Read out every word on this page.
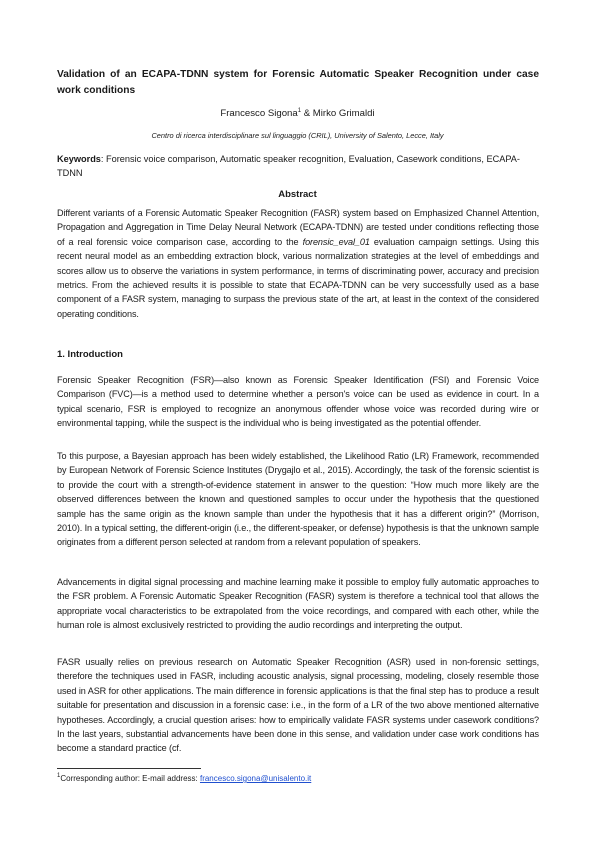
Validation of an ECAPA-TDNN system for Forensic Automatic Speaker Recognition under case work conditions
Francesco Sigona$^1$ & Mirko Grimaldi
Centro di ricerca interdisciplinare sul linguaggio (CRIL), University of Salento, Lecce, Italy
Keywords: Forensic voice comparison, Automatic speaker recognition, Evaluation, Casework conditions, ECAPA-TDNN
Abstract
Different variants of a Forensic Automatic Speaker Recognition (FASR) system based on Emphasized Channel Attention, Propagation and Aggregation in Time Delay Neural Network (ECAPA-TDNN) are tested under conditions reflecting those of a real forensic voice comparison case, according to the forensic_eval_01 evaluation campaign settings. Using this recent neural model as an embedding extraction block, various normalization strategies at the level of embeddings and scores allow us to observe the variations in system performance, in terms of discriminating power, accuracy and precision metrics. From the achieved results it is possible to state that ECAPA-TDNN can be very successfully used as a base component of a FASR system, managing to surpass the previous state of the art, at least in the context of the considered operating conditions.
1. Introduction

Forensic Speaker Recognition (FSR)—also known as Forensic Speaker Identification (FSI) and Forensic Voice Comparison (FVC)—is a method used to determine whether a person's voice can be used as evidence in court. In a typical scenario, FSR is employed to recognize an anonymous offender whose voice was recorded during wire or environmental tapping, while the suspect is the individual who is being investigated as the potential offender.

To this purpose, a Bayesian approach has been widely established, the Likelihood Ratio (LR) Framework, recommended by European Network of Forensic Science Institutes (Drygajlo et al., 2015). Accordingly, the task of the forensic scientist is to provide the court with a strength-of-evidence statement in answer to the question: “How much more likely are the observed differences between the known and questioned samples to occur under the hypothesis that the questioned sample has the same origin as the known sample than under the hypothesis that it has a different origin?” (Morrison, 2010). In a typical setting, the different-origin (i.e., the different-speaker, or defense) hypothesis is that the unknown sample originates from a different person selected at random from a relevant population of speakers.

Advancements in digital signal processing and machine learning make it possible to employ fully automatic approaches to the FSR problem. A Forensic Automatic Speaker Recognition (FASR) system is therefore a technical tool that allows the appropriate vocal characteristics to be extrapolated from the voice recordings, and compared with each other, while the human role is almost exclusively restricted to providing the audio recordings and interpreting the output.

FASR usually relies on previous research on Automatic Speaker Recognition (ASR) used in non-forensic settings, therefore the techniques used in FASR, including acoustic analysis, signal processing, modeling, closely resemble those used in ASR for other applications. The main difference in forensic applications is that the final step has to produce a result suitable for presentation and discussion in a forensic case: i.e., in the form of a LR of the two above mentioned alternative hypotheses. Accordingly, a crucial question arises: how to empirically validate FASR systems under casework conditions? In the last years, substantial advancements have been done in this sense, and validation under case work conditions has become a standard practice (cf.

$^1$Corresponding author: E-mail address: francesco.sigona@unisalento.it
